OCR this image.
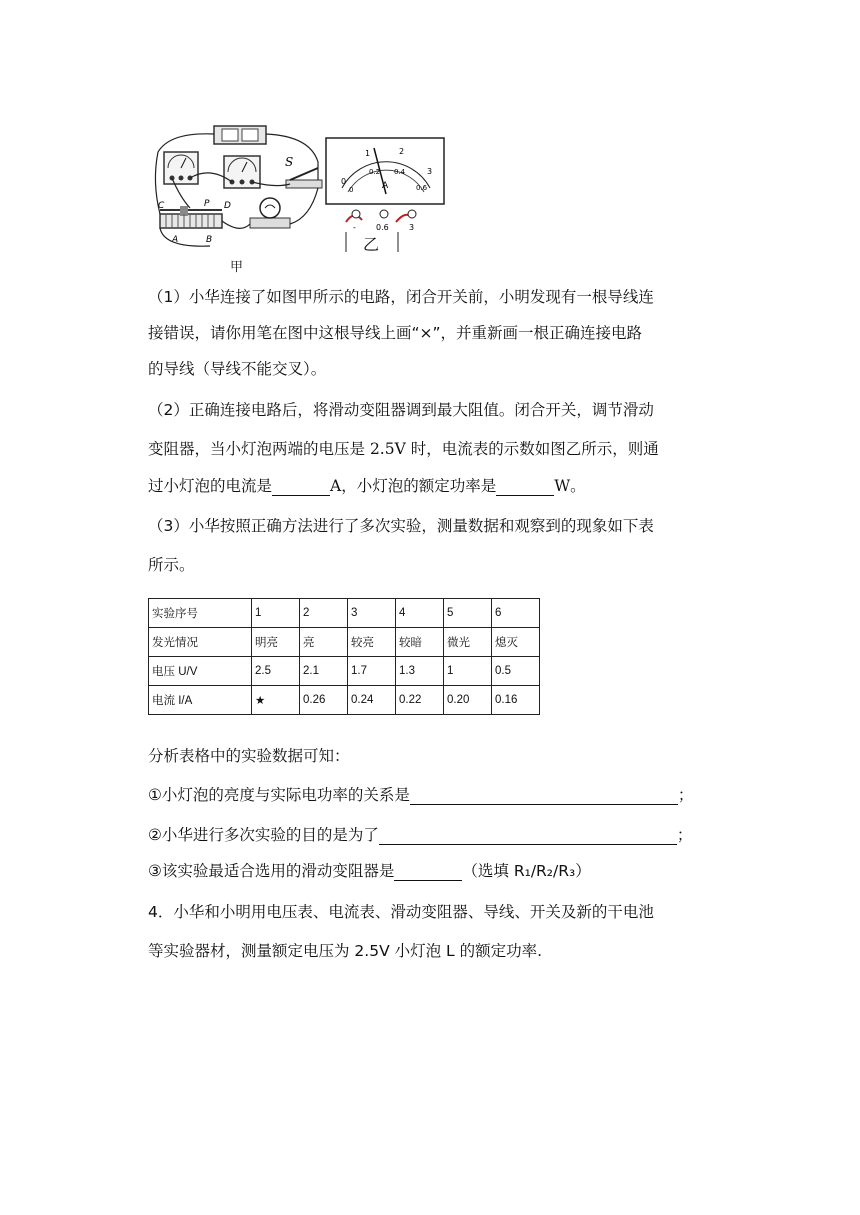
S
C	P D
A	B
0
1	2
3
0
0.2 0.4
0.6
A
-	0.6	3
乙
甲
（1）小华连接了如图甲所示的电路，闭合开关前，小明发现有一根导线连
接错误，请你用笔在图中这根导线上画“×”，并重新画一根正确连接电路
的导线（导线不能交叉）。
（2）正确连接电路后，将滑动变阻器调到最大阻值。闭合开关，调节滑动
变阻器，当小灯泡两端的电压是 2.5V 时，电流表的示数如图乙所示，则通
过小灯泡的电流是	A，小灯泡的额定功率是	W。
（3）小华按照正确方法进行了多次实验，测量数据和观察到的现象如下表
所示。
实验序号	1	2	3	4	5	6
发光情况	明亮	亮	较亮	较暗	微光	熄灭
电压 U/V	2.5	2.1	1.7	1.3	1	0.5
电流 I/A	★	0.26	0.24	0.22	0.20	0.16
分析表格中的实验数据可知：
①小灯泡的亮度与实际电功率的关系是	；
②小华进行多次实验的目的是为了	；
③该实验最适合选用的滑动变阻器是	（选填 R₁/R₂/R₃）
4．小华和小明用电压表、电流表、滑动变阻器、导线、开关及新的干电池
等实验器材，测量额定电压为 2.5V 小灯泡 L 的额定功率.
